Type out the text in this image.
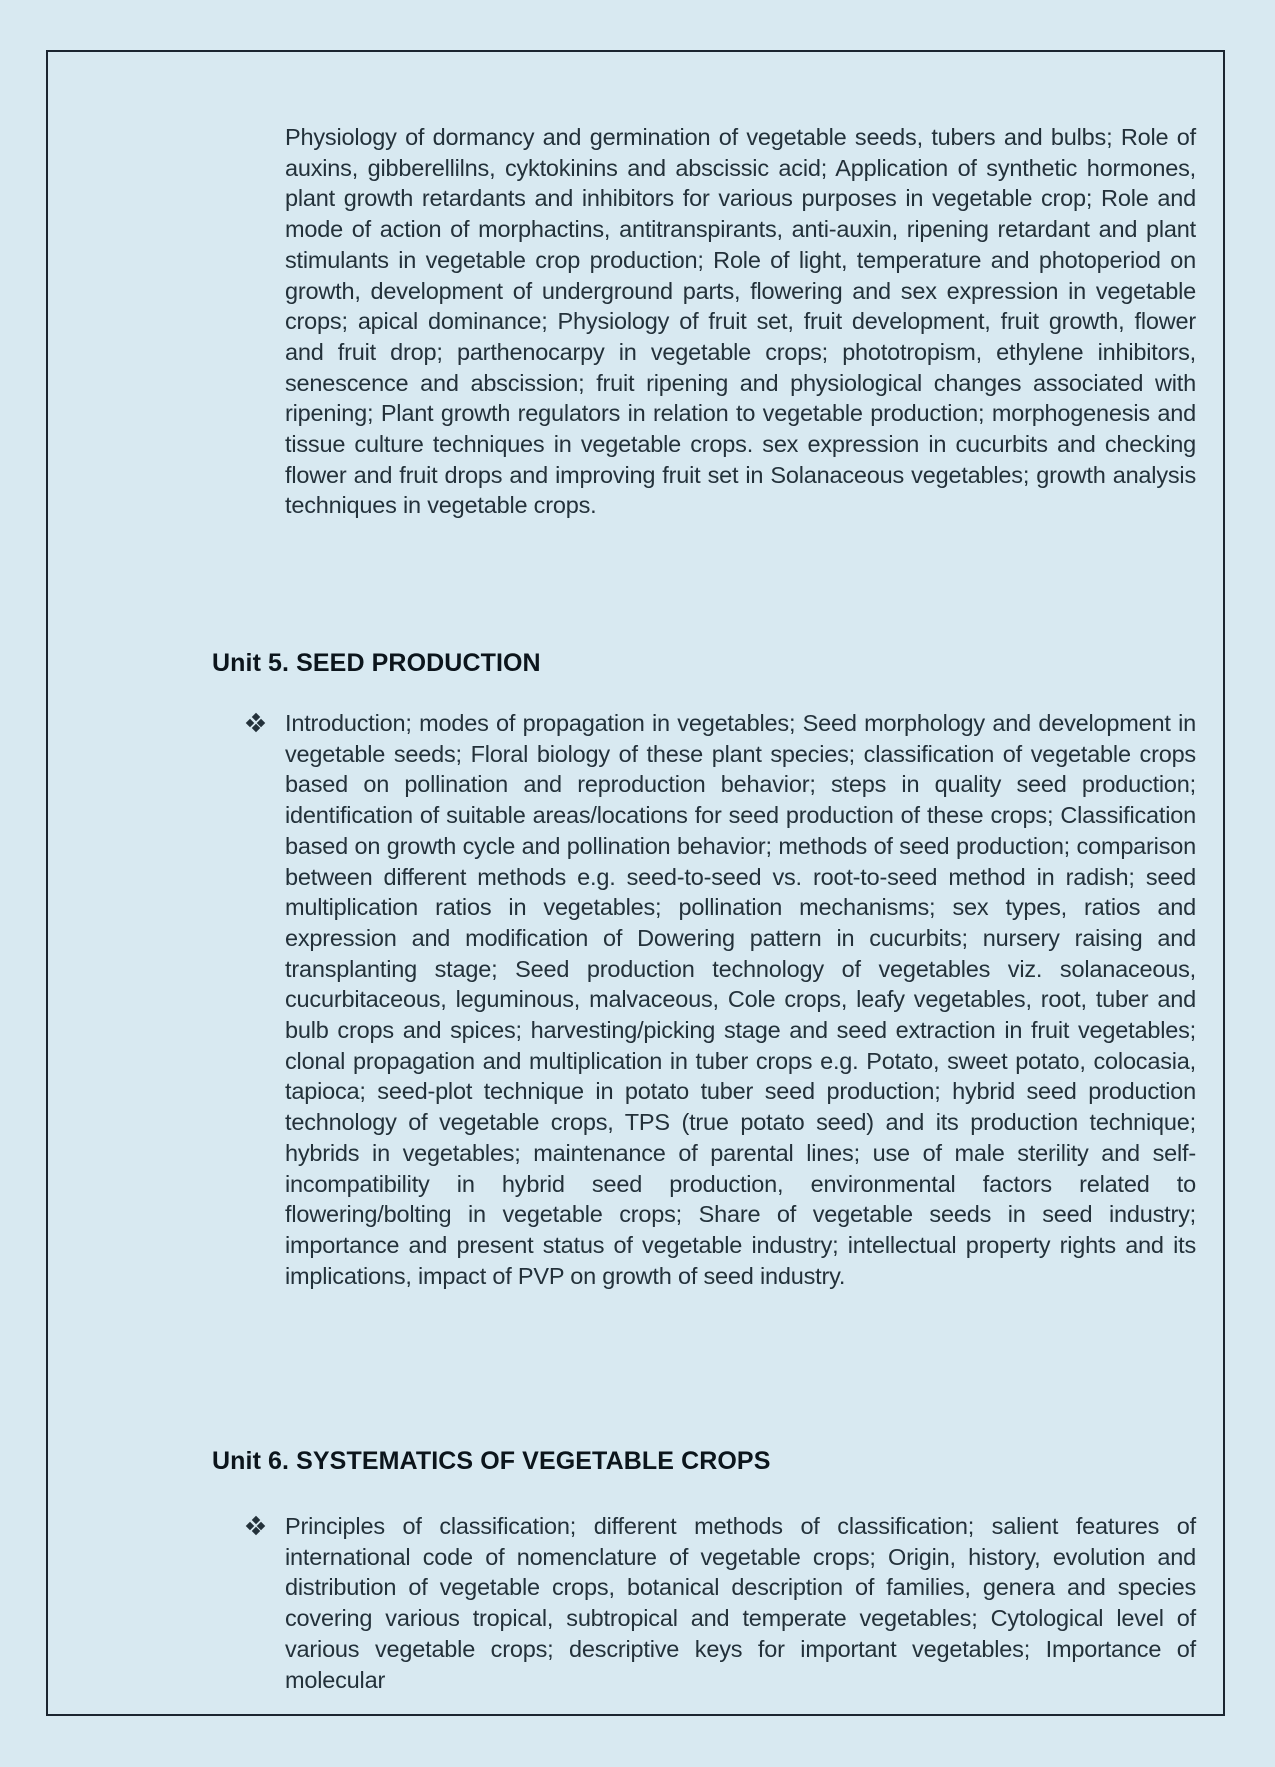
Physiology of dormancy and germination of vegetable seeds, tubers and bulbs; Role of auxins, gibberellilns, cyktokinins and abscissic acid; Application of synthetic hormones, plant growth retardants and inhibitors for various purposes in vegetable crop; Role and mode of action of morphactins, antitranspirants, anti-auxin, ripening retardant and plant stimulants in vegetable crop production; Role of light, temperature and photoperiod on growth, development of underground parts, flowering and sex expression in vegetable crops; apical dominance; Physiology of fruit set, fruit development, fruit growth, flower and fruit drop; parthenocarpy in vegetable crops; phototropism, ethylene inhibitors, senescence and abscission; fruit ripening and physiological changes associated with ripening; Plant growth regulators in relation to vegetable production; morphogenesis and tissue culture techniques in vegetable crops. sex expression in cucurbits and checking flower and fruit drops and improving fruit set in Solanaceous vegetables; growth analysis techniques in vegetable crops.

Unit 5. SEED PRODUCTION

Introduction; modes of propagation in vegetables; Seed morphology and development in vegetable seeds; Floral biology of these plant species; classification of vegetable crops based on pollination and reproduction behavior; steps in quality seed production; identification of suitable areas/locations for seed production of these crops; Classification based on growth cycle and pollination behavior; methods of seed production; comparison between different methods e.g. seed-to-seed vs. root-to-seed method in radish; seed multiplication ratios in vegetables; pollination mechanisms; sex types, ratios and expression and modification of Dowering pattern in cucurbits; nursery raising and transplanting stage; Seed production technology of vegetables viz. solanaceous, cucurbitaceous, leguminous, malvaceous, Cole crops, leafy vegetables, root, tuber and bulb crops and spices; harvesting/picking stage and seed extraction in fruit vegetables; clonal propagation and multiplication in tuber crops e.g. Potato, sweet potato, colocasia, tapioca; seed-plot technique in potato tuber seed production; hybrid seed production technology of vegetable crops, TPS (true potato seed) and its production technique; hybrids in vegetables; maintenance of parental lines; use of male sterility and self-incompatibility in hybrid seed production, environmental factors related to flowering/bolting in vegetable crops; Share of vegetable seeds in seed industry; importance and present status of vegetable industry; intellectual property rights and its implications, impact of PVP on growth of seed industry.

Unit 6. SYSTEMATICS OF VEGETABLE CROPS

Principles of classification; different methods of classification; salient features of international code of nomenclature of vegetable crops; Origin, history, evolution and distribution of vegetable crops, botanical description of families, genera and species covering various tropical, subtropical and temperate vegetables; Cytological level of various vegetable crops; descriptive keys for important vegetables; Importance of molecular
